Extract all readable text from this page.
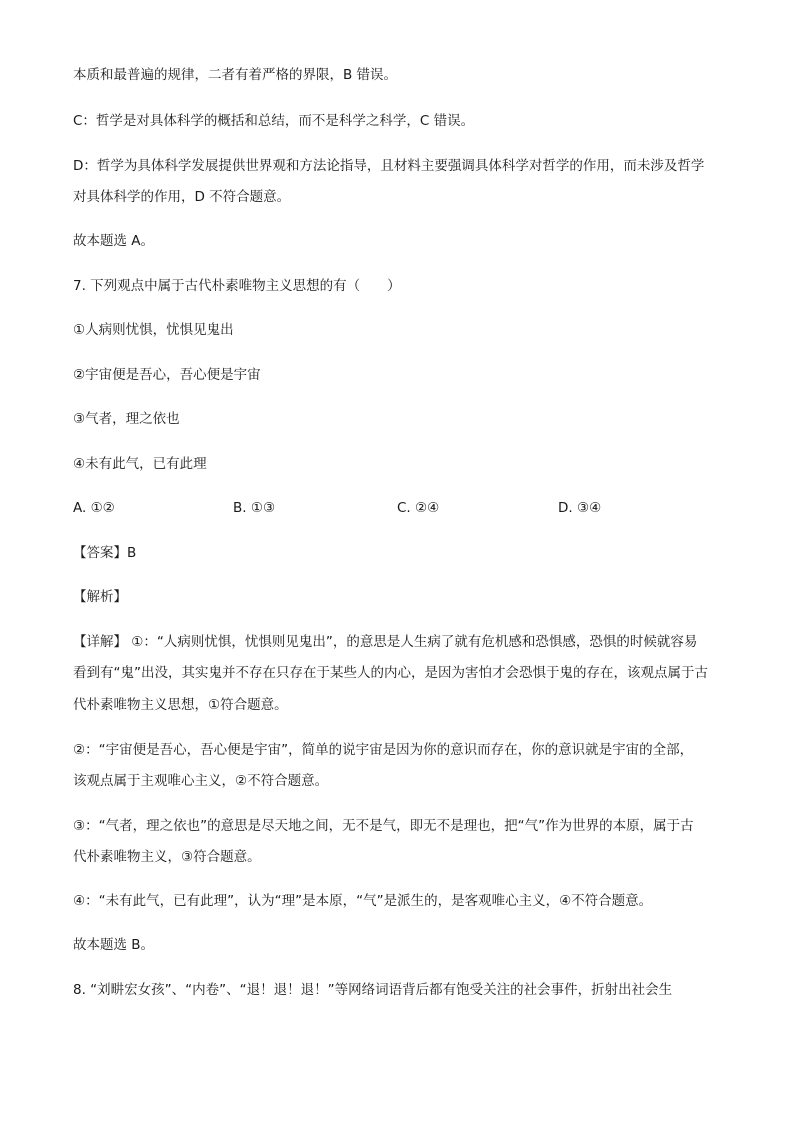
本质和最普遍的规律，二者有着严格的界限，B 错误。
C：哲学是对具体科学的概括和总结，而不是科学之科学，C 错误。
D：哲学为具体科学发展提供世界观和方法论指导，且材料主要强调具体科学对哲学的作用，而未涉及哲学
对具体科学的作用，D 不符合题意。
故本题选 A。
7. 下列观点中属于古代朴素唯物主义思想的有（　　）
①人病则忧惧，忧惧见鬼出
②宇宙便是吾心，吾心便是宇宙
③气者，理之依也
④未有此气，已有此理
A. ①②	B. ①③	C. ②④	D. ③④
【答案】B
【解析】
【详解】 ①：“人病则忧惧，忧惧则见鬼出”，的意思是人生病了就有危机感和恐惧感，恐惧的时候就容易
看到有“鬼”出没，其实鬼并不存在只存在于某些人的内心，是因为害怕才会恐惧于鬼的存在，该观点属于古
代朴素唯物主义思想，①符合题意。
②：“宇宙便是吾心，吾心便是宇宙”，简单的说宇宙是因为你的意识而存在，你的意识就是宇宙的全部，
该观点属于主观唯心主义，②不符合题意。
③：“气者，理之依也”的意思是尽天地之间，无不是气，即无不是理也，把“气”作为世界的本原，属于古
代朴素唯物主义，③符合题意。
④：“未有此气，已有此理”，认为“理”是本原，“气”是派生的，是客观唯心主义，④不符合题意。
故本题选 B。
8. “刘畊宏女孩”、“内卷”、“退！退！退！”等网络词语背后都有饱受关注的社会事件，折射出社会生
